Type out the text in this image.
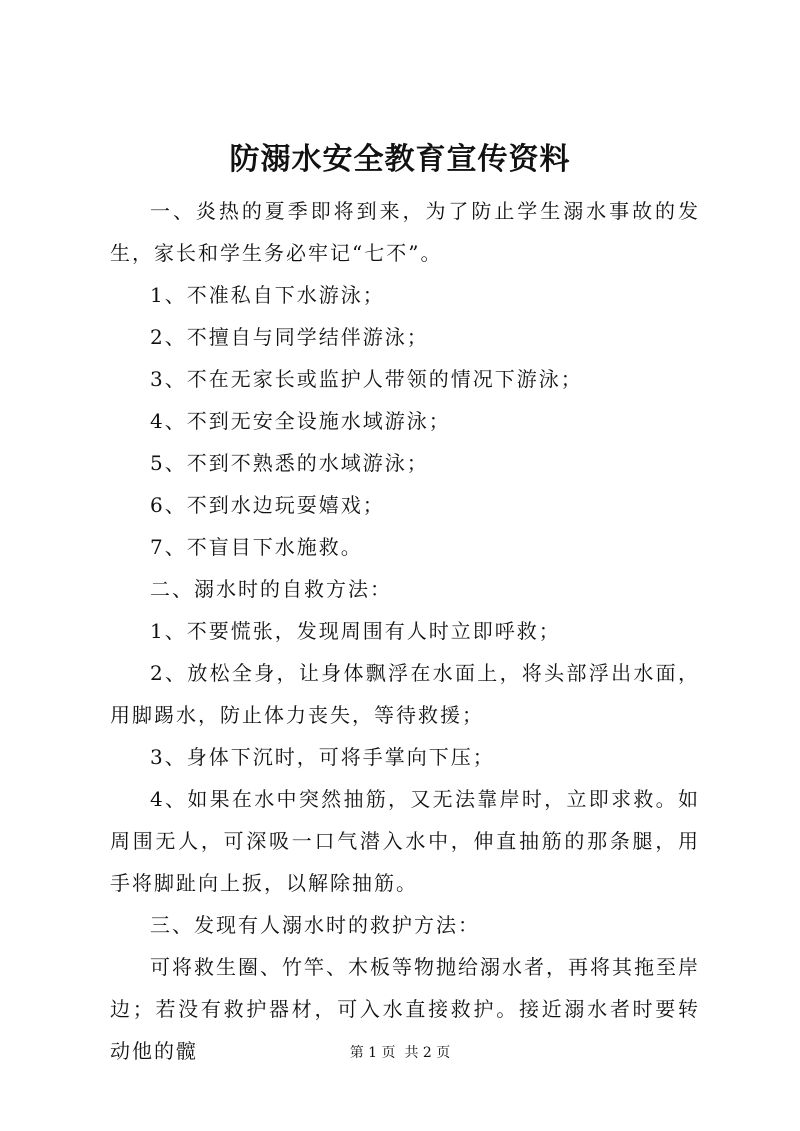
防溺水安全教育宣传资料

一、炎热的夏季即将到来，为了防止学生溺水事故的发生，家长和学生务必牢记“七不”。

1、不准私自下水游泳；

2、不擅自与同学结伴游泳；

3、不在无家长或监护人带领的情况下游泳；

4、不到无安全设施水域游泳；

5、不到不熟悉的水域游泳；

6、不到水边玩耍嬉戏；

7、不盲目下水施救。

二、溺水时的自救方法：

1、不要慌张，发现周围有人时立即呼救；

2、放松全身，让身体飘浮在水面上，将头部浮出水面，用脚踢水，防止体力丧失，等待救援；

3、身体下沉时，可将手掌向下压；

4、如果在水中突然抽筋，又无法靠岸时，立即求救。如周围无人，可深吸一口气潜入水中，伸直抽筋的那条腿，用手将脚趾向上扳，以解除抽筋。

三、发现有人溺水时的救护方法：

可将救生圈、竹竿、木板等物抛给溺水者，再将其拖至岸边；若没有救护器材，可入水直接救护。接近溺水者时要转动他的髋	第 1 页  共 2 页
